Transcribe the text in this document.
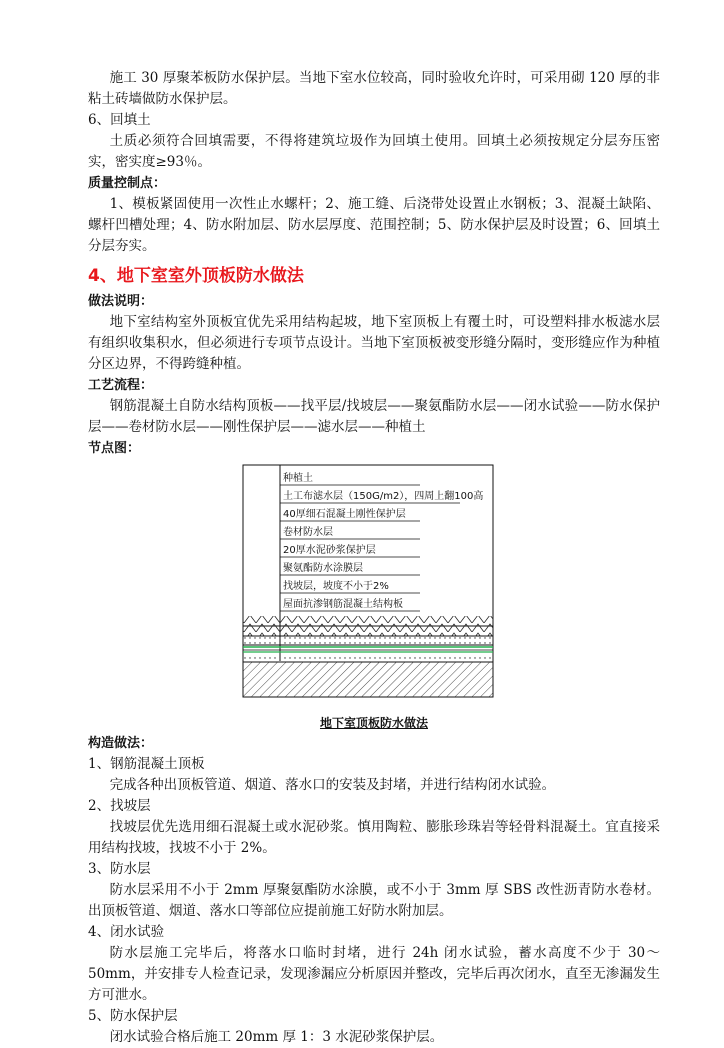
施工 30 厚聚苯板防水保护层。当地下室水位较高，同时验收允许时，可采用砌 120 厚的非粘土砖墙做防水保护层。

6、回填土

土质必须符合回填需要，不得将建筑垃圾作为回填土使用。回填土必须按规定分层夯压密实，密实度≥93％。

质量控制点：

1、模板紧固使用一次性止水螺杆；2、施工缝、后浇带处设置止水钢板；3、混凝土缺陷、螺杆凹槽处理；4、防水附加层、防水层厚度、范围控制；5、防水保护层及时设置；6、回填土分层夯实。

4、地下室室外顶板防水做法

做法说明：

地下室结构室外顶板宜优先采用结构起坡，地下室顶板上有覆土时，可设塑料排水板滤水层有组织收集积水，但必须进行专项节点设计。当地下室顶板被变形缝分隔时，变形缝应作为种植分区边界，不得跨缝种植。

工艺流程：

钢筋混凝土自防水结构顶板——找平层/找坡层——聚氨酯防水层——闭水试验——防水保护层——卷材防水层——刚性保护层——滤水层——种植土

节点图：

种植土
土工布滤水层（150G/m2），四周上翻100高
40厚细石混凝土刚性保护层
卷材防水层
20厚水泥砂浆保护层
聚氨酯防水涂膜层
找坡层，坡度不小于2%
屋面抗渗钢筋混凝土结构板
地下室顶板防水做法

构造做法：

1、钢筋混凝土顶板

完成各种出顶板管道、烟道、落水口的安装及封堵，并进行结构闭水试验。

2、找坡层

找坡层优先选用细石混凝土或水泥砂浆。慎用陶粒、膨胀珍珠岩等轻骨料混凝土。宜直接采用结构找坡，找坡不小于 2%。

3、防水层

防水层采用不小于 2mm 厚聚氨酯防水涂膜，或不小于 3mm 厚 SBS 改性沥青防水卷材。出顶板管道、烟道、落水口等部位应提前施工好防水附加层。

4、闭水试验

防水层施工完毕后，将落水口临时封堵，进行 24h 闭水试验，蓄水高度不少于 30～50mm，并安排专人检查记录，发现渗漏应分析原因并整改，完毕后再次闭水，直至无渗漏发生方可泄水。

5、防水保护层

闭水试验合格后施工 20mm 厚 1：3 水泥砂浆保护层。
